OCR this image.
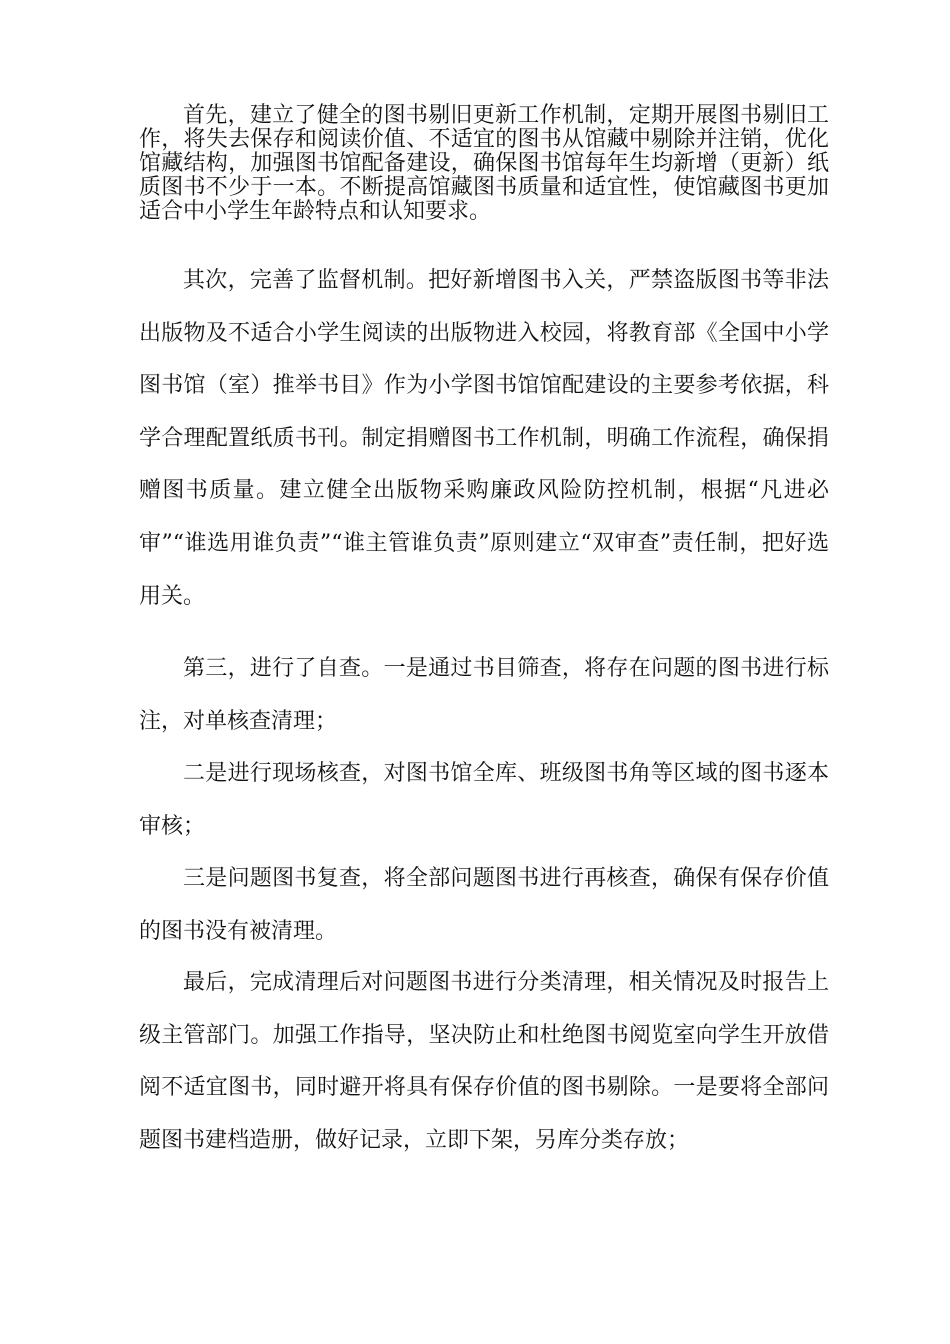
首先，建立了健全的图书剔旧更新工作机制，定期开展图书剔旧工作，将失去保存和阅读价值、不适宜的图书从馆藏中剔除并注销，优化馆藏结构，加强图书馆配备建设，确保图书馆每年生均新增（更新）纸质图书不少于一本。不断提高馆藏图书质量和适宜性，使馆藏图书更加适合中小学生年龄特点和认知要求。

其次，完善了监督机制。把好新增图书入关，严禁盗版图书等非法出版物及不适合小学生阅读的出版物进入校园，将教育部《全国中小学图书馆（室）推举书目》作为小学图书馆馆配建设的主要参考依据，科学合理配置纸质书刊。制定捐赠图书工作机制，明确工作流程，确保捐赠图书质量。建立健全出版物采购廉政风险防控机制，根据“凡进必审”“谁选用谁负责”“谁主管谁负责”原则建立“双审查”责任制，把好选用关。

第三，进行了自查。一是通过书目筛查，将存在问题的图书进行标注，对单核查清理；

二是进行现场核查，对图书馆全库、班级图书角等区域的图书逐本审核；

三是问题图书复查，将全部问题图书进行再核查，确保有保存价值的图书没有被清理。

最后，完成清理后对问题图书进行分类清理，相关情况及时报告上级主管部门。加强工作指导，坚决防止和杜绝图书阅览室向学生开放借阅不适宜图书，同时避开将具有保存价值的图书剔除。一是要将全部问题图书建档造册，做好记录，立即下架，另库分类存放；
